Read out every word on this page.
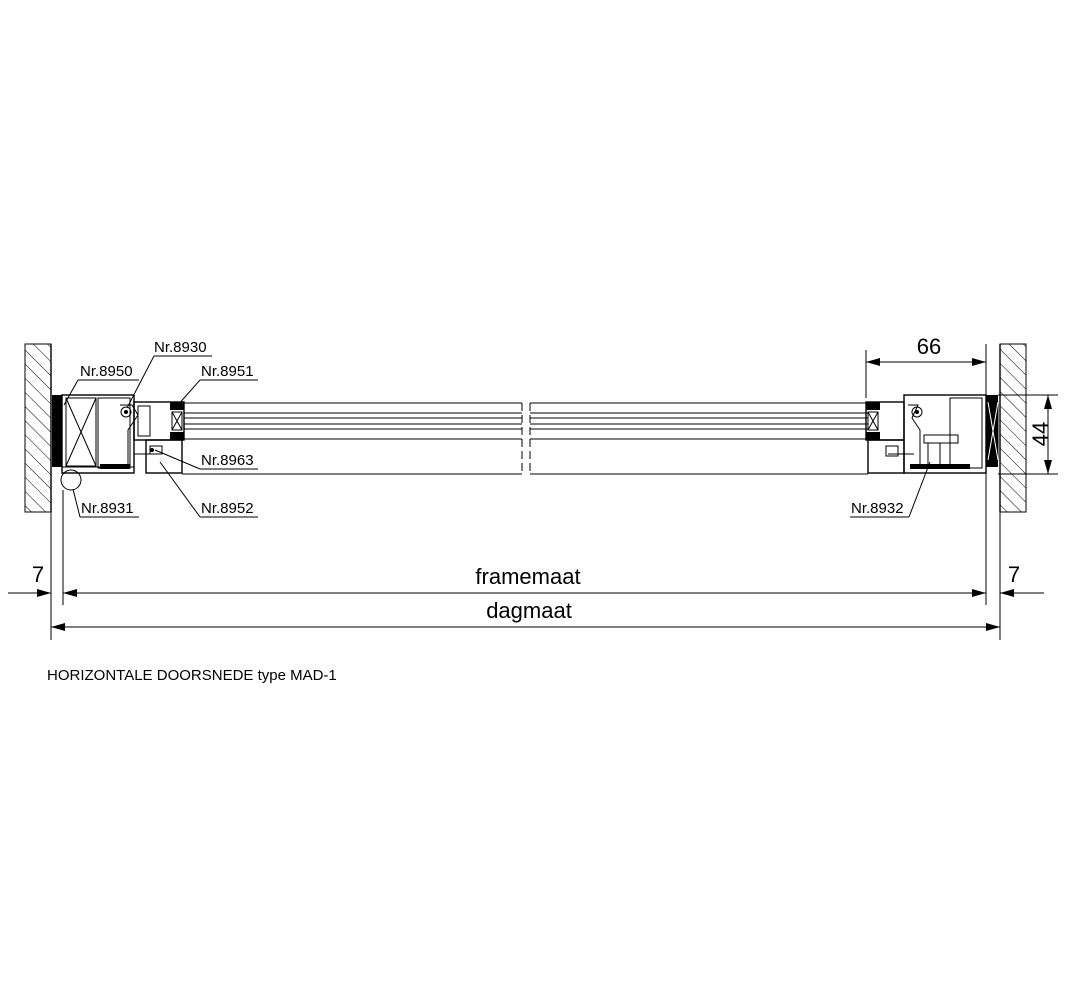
Nr.8930
Nr.8950	Nr.8951
Nr.8963
Nr.8931	Nr.8952	Nr.8932
66
44
framemaat
7	7
dagmaat
HORIZONTALE DOORSNEDE type MAD-1
